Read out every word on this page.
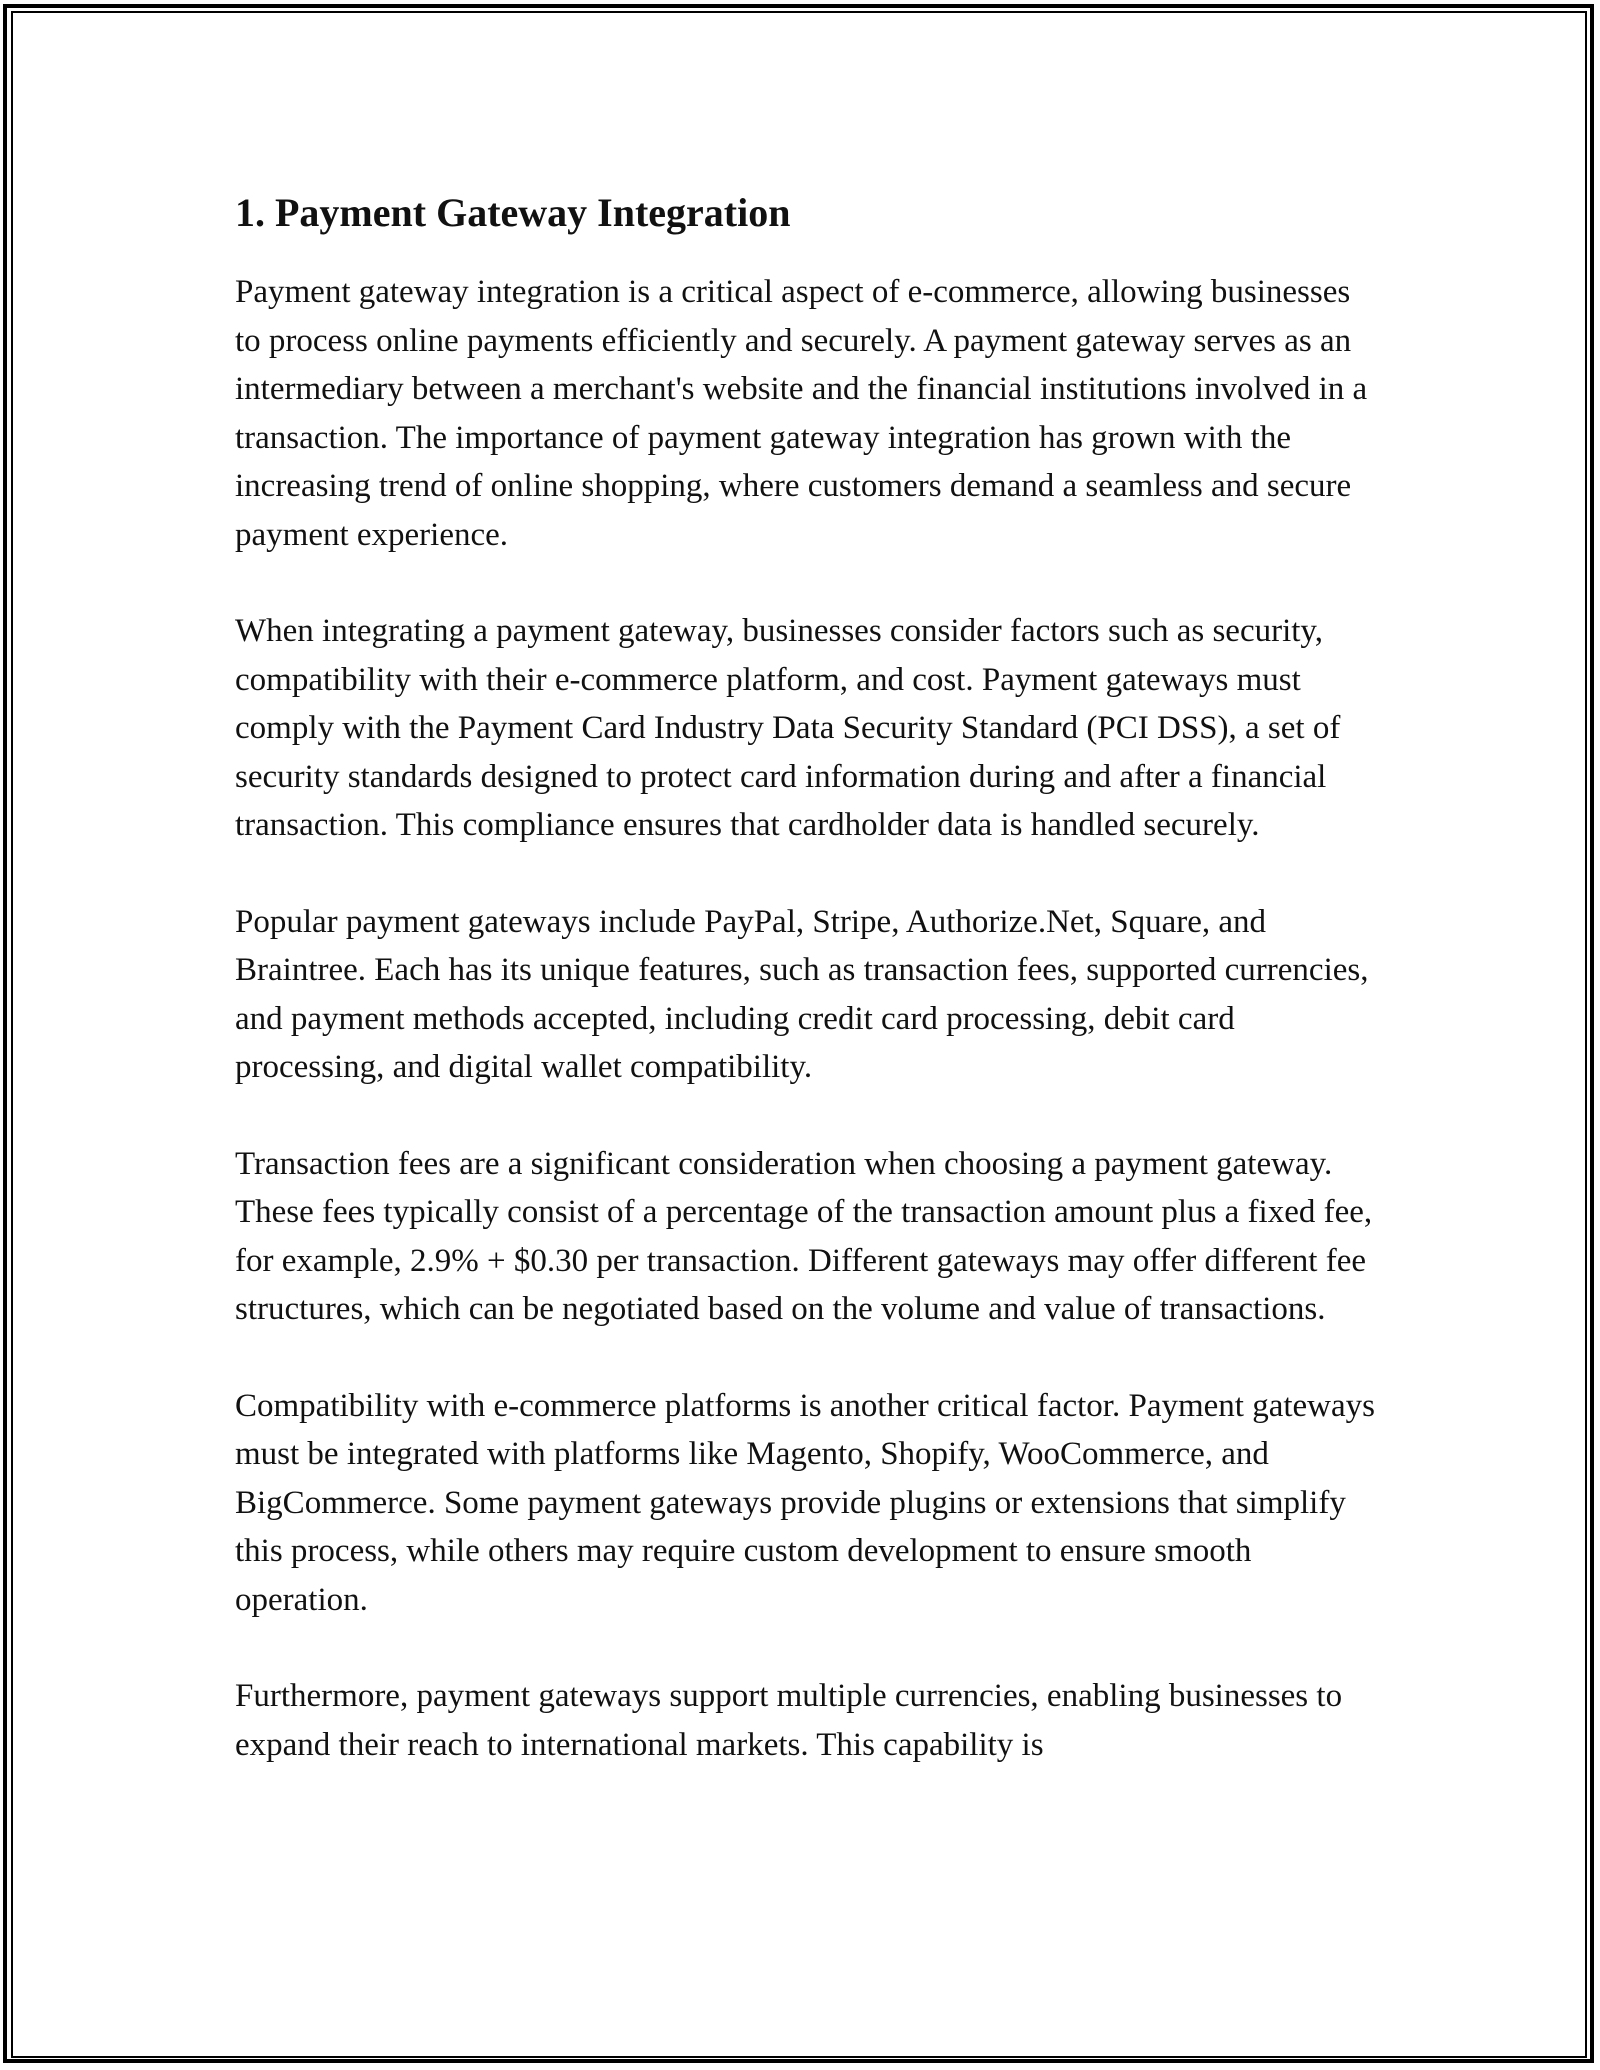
1. Payment Gateway Integration

Payment gateway integration is a critical aspect of e-commerce, allowing businesses to process online payments efficiently and securely. A payment gateway serves as an intermediary between a merchant's website and the financial institutions involved in a transaction. The importance of payment gateway integration has grown with the increasing trend of online shopping, where customers demand a seamless and secure payment experience.

When integrating a payment gateway, businesses consider factors such as security, compatibility with their e-commerce platform, and cost. Payment gateways must comply with the Payment Card Industry Data Security Standard (PCI DSS), a set of security standards designed to protect card information during and after a financial transaction. This compliance ensures that cardholder data is handled securely.

Popular payment gateways include PayPal, Stripe, Authorize.Net, Square, and Braintree. Each has its unique features, such as transaction fees, supported currencies, and payment methods accepted, including credit card processing, debit card processing, and digital wallet compatibility.

Transaction fees are a significant consideration when choosing a payment gateway. These fees typically consist of a percentage of the transaction amount plus a fixed fee, for example, 2.9% + $0.30 per transaction. Different gateways may offer different fee structures, which can be negotiated based on the volume and value of transactions.

Compatibility with e-commerce platforms is another critical factor. Payment gateways must be integrated with platforms like Magento, Shopify, WooCommerce, and BigCommerce. Some payment gateways provide plugins or extensions that simplify this process, while others may require custom development to ensure smooth operation.

Furthermore, payment gateways support multiple currencies, enabling businesses to expand their reach to international markets. This capability is
